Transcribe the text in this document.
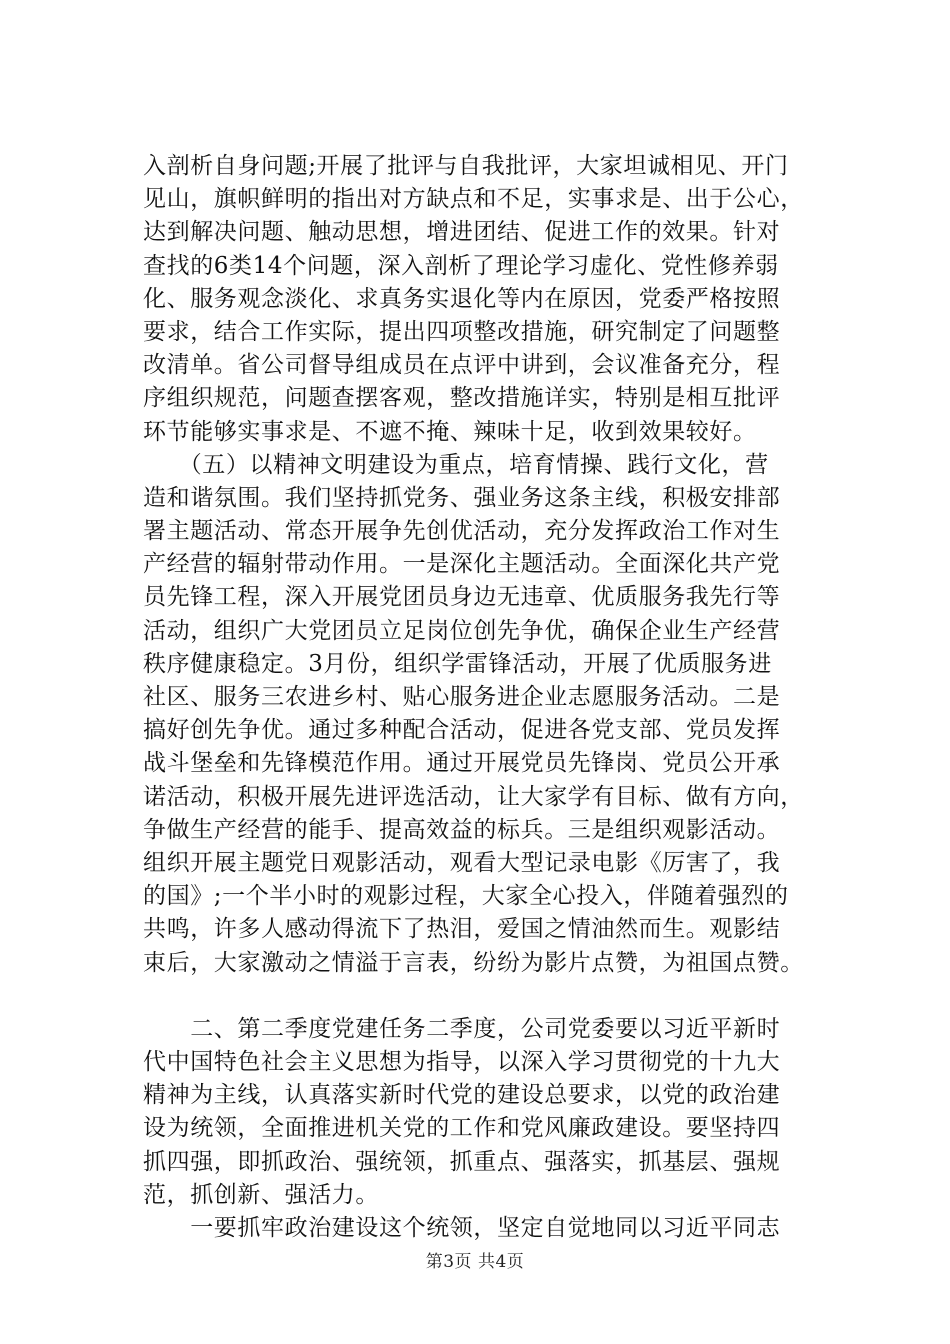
入剖析自身问题;开展了批评与自我批评，大家坦诚相见、开门
见山，旗帜鲜明的指出对方缺点和不足，实事求是、出于公心，
达到解决问题、触动思想，增进团结、促进工作的效果。针对
查找的6类14个问题，深入剖析了理论学习虚化、党性修养弱
化、服务观念淡化、求真务实退化等内在原因，党委严格按照
要求，结合工作实际，提出四项整改措施，研究制定了问题整
改清单。省公司督导组成员在点评中讲到，会议准备充分，程
序组织规范，问题查摆客观，整改措施详实，特别是相互批评
环节能够实事求是、不遮不掩、辣味十足，收到效果较好。
　　（五）以精神文明建设为重点，培育情操、践行文化，营
造和谐氛围。我们坚持抓党务、强业务这条主线，积极安排部
署主题活动、常态开展争先创优活动，充分发挥政治工作对生
产经营的辐射带动作用。一是深化主题活动。全面深化共产党
员先锋工程，深入开展党团员身边无违章、优质服务我先行等
活动，组织广大党团员立足岗位创先争优，确保企业生产经营
秩序健康稳定。3月份，组织学雷锋活动，开展了优质服务进
社区、服务三农进乡村、贴心服务进企业志愿服务活动。二是
搞好创先争优。通过多种配合活动，促进各党支部、党员发挥
战斗堡垒和先锋模范作用。通过开展党员先锋岗、党员公开承
诺活动，积极开展先进评选活动，让大家学有目标、做有方向，
争做生产经营的能手、提高效益的标兵。三是组织观影活动。
组织开展主题党日观影活动，观看大型记录电影《厉害了，我
的国》;一个半小时的观影过程，大家全心投入，伴随着强烈的
共鸣，许多人感动得流下了热泪，爱国之情油然而生。观影结
束后，大家激动之情溢于言表，纷纷为影片点赞，为祖国点赞。
　　二、第二季度党建任务二季度，公司党委要以习近平新时
代中国特色社会主义思想为指导，以深入学习贯彻党的十九大
精神为主线，认真落实新时代党的建设总要求，以党的政治建
设为统领，全面推进机关党的工作和党风廉政建设。要坚持四
抓四强，即抓政治、强统领，抓重点、强落实，抓基层、强规
范，抓创新、强活力。
　　一要抓牢政治建设这个统领，坚定自觉地同以习近平同志
第3页 共4页
